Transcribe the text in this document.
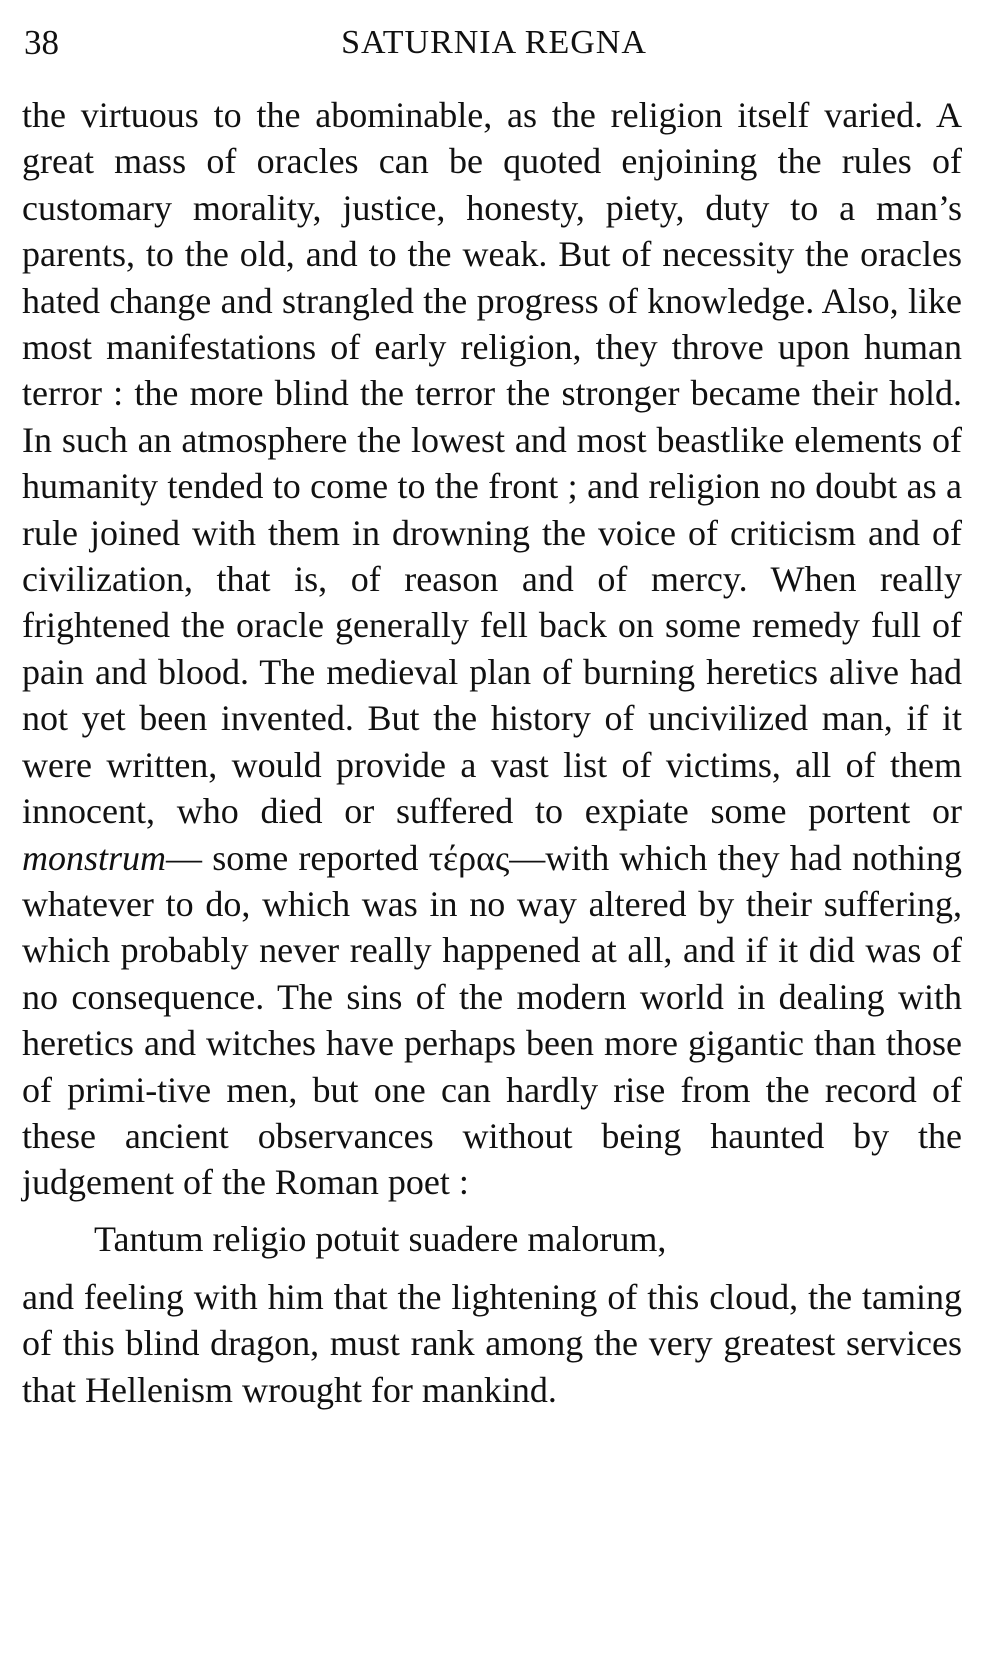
38	SATURNIA REGNA

the virtuous to the abominable, as the religion itself varied. A great mass of oracles can be quoted enjoining the rules of customary morality, justice, honesty, piety, duty to a man’s parents, to the old, and to the weak. But of necessity the oracles hated change and strangled the progress of knowledge. Also, like most manifestations of early religion, they throve upon human terror : the more blind the terror the stronger became their hold. In such an atmosphere the lowest and most beastlike elements of humanity tended to come to the front ; and religion no doubt as a rule joined with them in drowning the voice of criticism and of civilization, that is, of reason and of mercy. When really frightened the oracle generally fell back on some remedy full of pain and blood. The medieval plan of burning heretics alive had not yet been invented. But the history of uncivilized man, if it were written, would provide a vast list of victims, all of them innocent, who died or suffered to expiate some portent or monstrum— some reported τέρας—with which they had nothing whatever to do, which was in no way altered by their suffering, which probably never really happened at all, and if it did was of no consequence. The sins of the modern world in dealing with heretics and witches have perhaps been more gigantic than those of primi-tive men, but one can hardly rise from the record of these ancient observances without being haunted by the judgement of the Roman poet :

Tantum religio potuit suadere malorum,

and feeling with him that the lightening of this cloud, the taming of this blind dragon, must rank among the very greatest services that Hellenism wrought for mankind.
